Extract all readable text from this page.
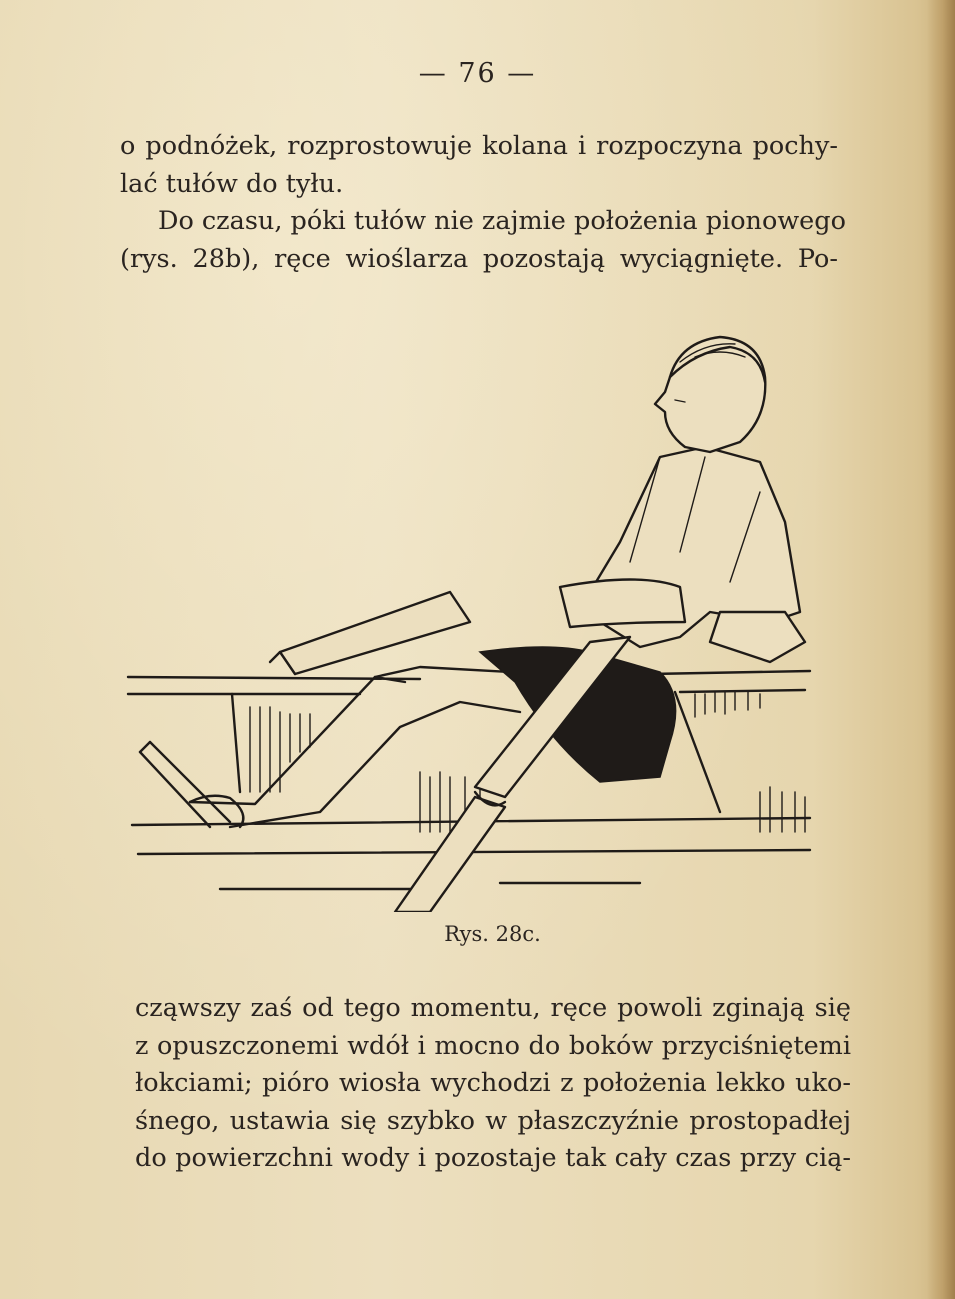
— 76 —
o podnóżek, rozprostowuje kolana i rozpoczyna pochy-
lać tułów do tyłu.
Do czasu, póki tułów nie zajmie położenia pionowego
(rys. 28b), ręce wioślarza pozostają wyciągnięte. Po-
Rys. 28c.
cząwszy zaś od tego momentu, ręce powoli zginają się
z opuszczonemi wdół i mocno do boków przyciśniętemi
łokciami; pióro wiosła wychodzi z położenia lekko uko-
śnego, ustawia się szybko w płaszczyźnie prostopadłej
do powierzchni wody i pozostaje tak cały czas przy cią-
